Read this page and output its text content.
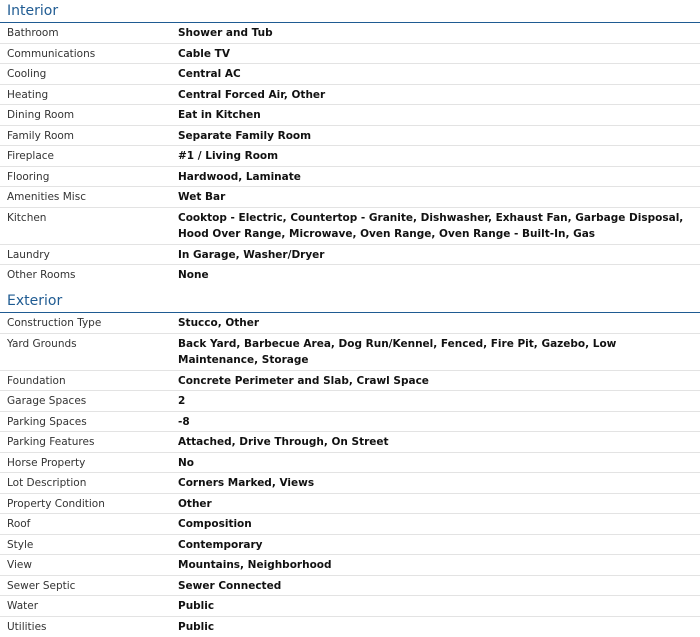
Interior
Bathroom	Shower and Tub
Communications	Cable TV
Cooling	Central AC
Heating	Central Forced Air, Other
Dining Room	Eat in Kitchen
Family Room	Separate Family Room
Fireplace	#1 / Living Room
Flooring	Hardwood, Laminate
Amenities Misc	Wet Bar
Kitchen	Cooktop - Electric, Countertop - Granite, Dishwasher, Exhaust Fan, Garbage Disposal, Hood Over Range, Microwave, Oven Range, Oven Range - Built-In, Gas
Laundry	In Garage, Washer/Dryer
Other Rooms	None
Exterior
Construction Type	Stucco, Other
Yard Grounds	Back Yard, Barbecue Area, Dog Run/Kennel, Fenced, Fire Pit, Gazebo, Low Maintenance, Storage
Foundation	Concrete Perimeter and Slab, Crawl Space
Garage Spaces	2
Parking Spaces	-8
Parking Features	Attached, Drive Through, On Street
Horse Property	No
Lot Description	Corners Marked, Views
Property Condition	Other
Roof	Composition
Style	Contemporary
View	Mountains, Neighborhood
Sewer Septic	Sewer Connected
Water	Public
Utilities	Public
